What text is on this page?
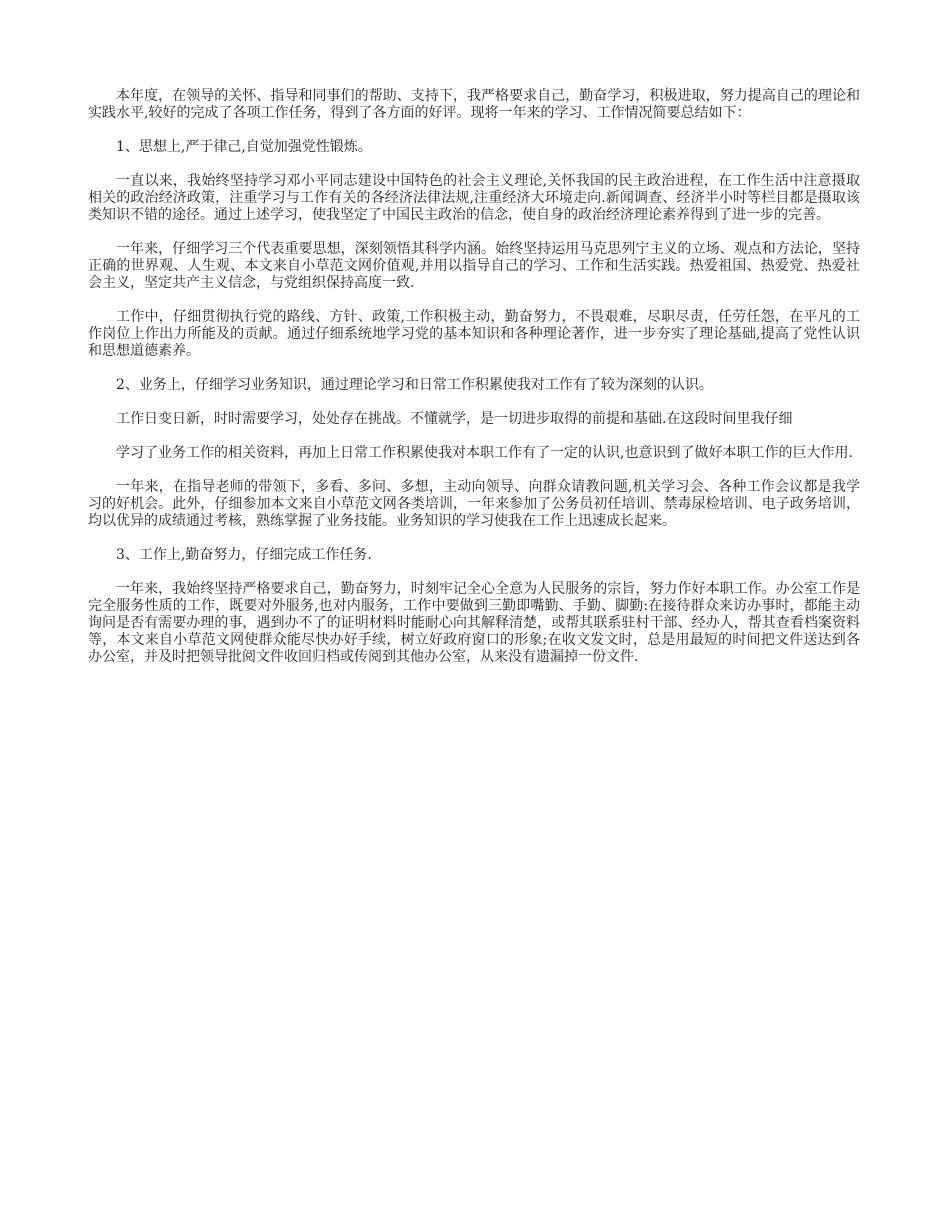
本年度，在领导的关怀、指导和同事们的帮助、支持下，我严格要求自己，勤奋学习，积极进取，努力提高自己的理论和实践水平,较好的完成了各项工作任务，得到了各方面的好评。现将一年来的学习、工作情况简要总结如下：

1、思想上,严于律己,自觉加强党性锻炼。

一直以来，我始终坚持学习邓小平同志建设中国特色的社会主义理论,关怀我国的民主政治进程，在工作生活中注意摄取相关的政治经济政策，注重学习与工作有关的各经济法律法规,注重经济大环境走向.新闻调查、经济半小时等栏目都是摄取该类知识不错的途径。通过上述学习，使我坚定了中国民主政治的信念，使自身的政治经济理论素养得到了进一步的完善。

一年来，仔细学习三个代表重要思想，深刻领悟其科学内涵。始终坚持运用马克思列宁主义的立场、观点和方法论，坚持正确的世界观、人生观、本文来自小草范文网价值观,并用以指导自己的学习、工作和生活实践。热爱祖国、热爱党、热爱社会主义，坚定共产主义信念，与党组织保持高度一致.

工作中，仔细贯彻执行党的路线、方针、政策,工作积极主动，勤奋努力，不畏艰难，尽职尽责，任劳任怨，在平凡的工作岗位上作出力所能及的贡献。通过仔细系统地学习党的基本知识和各种理论著作，进一步夯实了理论基础,提高了党性认识和思想道德素养。

2、业务上，仔细学习业务知识，通过理论学习和日常工作积累使我对工作有了较为深刻的认识。

工作日变日新，时时需要学习，处处存在挑战。不懂就学，是一切进步取得的前提和基础.在这段时间里我仔细

学习了业务工作的相关资料，再加上日常工作积累使我对本职工作有了一定的认识,也意识到了做好本职工作的巨大作用.

一年来，在指导老师的带领下，多看、多问、多想，主动向领导、向群众请教问题,机关学习会、各种工作会议都是我学习的好机会。此外，仔细参加本文来自小草范文网各类培训，一年来参加了公务员初任培训、禁毒尿检培训、电子政务培训，均以优异的成绩通过考核，熟练掌握了业务技能。业务知识的学习使我在工作上迅速成长起来。

3、工作上,勤奋努力，仔细完成工作任务.

一年来，我始终坚持严格要求自己，勤奋努力，时刻牢记全心全意为人民服务的宗旨，努力作好本职工作。办公室工作是完全服务性质的工作，既要对外服务,也对内服务，工作中要做到三勤即嘴勤、手勤、脚勤:在接待群众来访办事时，都能主动询问是否有需要办理的事，遇到办不了的证明材料时能耐心向其解释清楚，或帮其联系驻村干部、经办人，帮其查看档案资料等，本文来自小草范文网使群众能尽快办好手续，树立好政府窗口的形象;在收文发文时，总是用最短的时间把文件送达到各办公室，并及时把领导批阅文件收回归档或传阅到其他办公室，从来没有遗漏掉一份文件.
